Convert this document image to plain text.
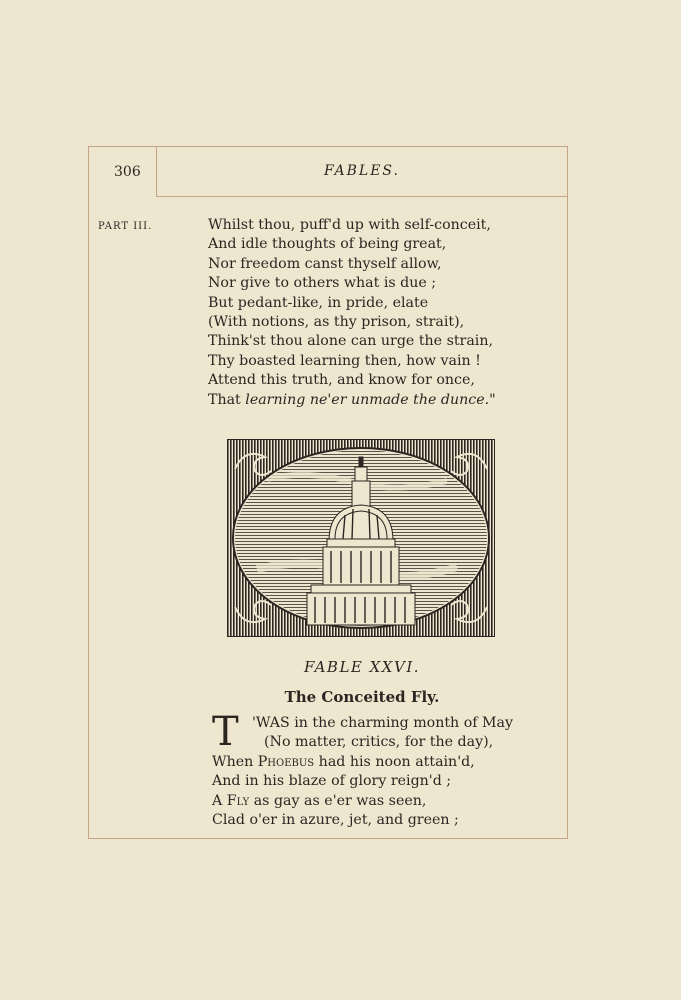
306	FABLES.
PART III.	Whilst thou, puff'd up with self-conceit,
And idle thoughts of being great,
Nor freedom canst thyself allow,
Nor give to others what is due ;
But pedant-like, in pride, elate
(With notions, as thy prison, strait),
Think'st thou alone can urge the strain,
Thy boasted learning then, how vain !
Attend this truth, and know for once,
That learning ne'er unmade the dunce."
FABLE XXVI.
The Conceited Fly.
T 'WAS in the charming month of May
(No matter, critics, for the day),
When Phoebus had his noon attain'd,
And in his blaze of glory reign'd ;
A Fly as gay as e'er was seen,
Clad o'er in azure, jet, and green ;
